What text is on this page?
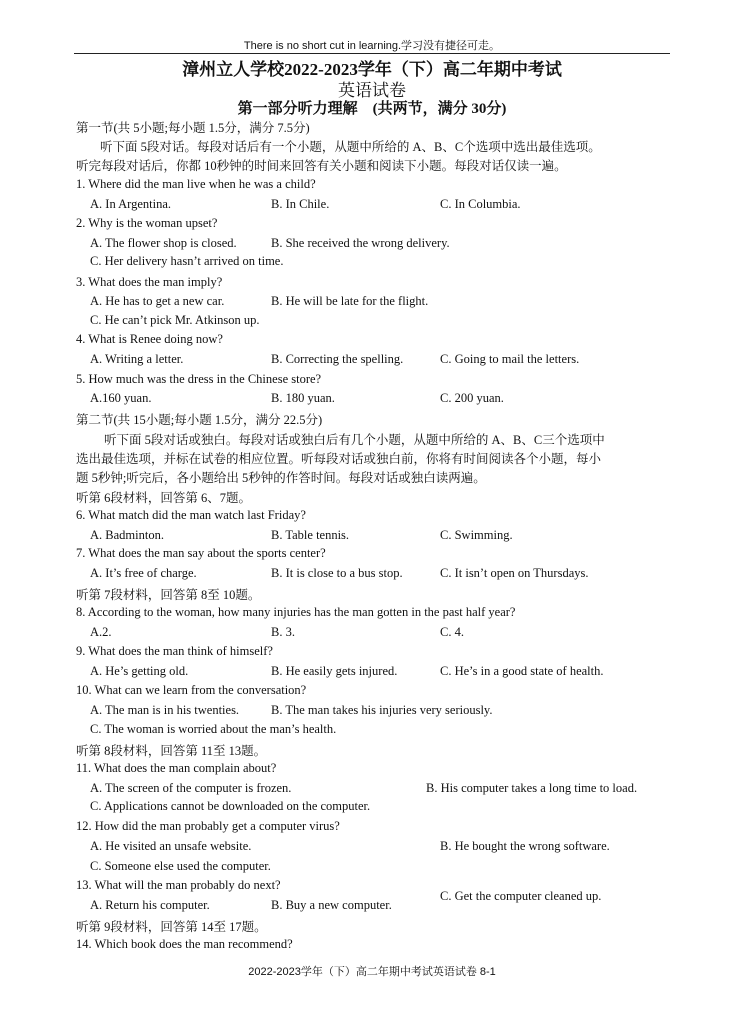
There is no short cut in learning.学习没有捷径可走。
漳州立人学校2022-2023学年（下）高二年期中考试
英语试卷
第一部分听力理解　(共两节，满分 30分)
第一节(共 5小题;每小题 1.5分，满分 7.5分)
听下面 5段对话。每段对话后有一个小题，从题中所给的 A、B、C个选项中选出最佳选项。
听完每段对话后，你都 10秒钟的时间来回答有关小题和阅读下小题。每段对话仅读一遍。
1. Where did the man live when he was a child?
A. In Argentina.	B. In Chile.	C. In Columbia.
2. Why is the woman upset?
A. The flower shop is closed.	B. She received the wrong delivery.
C. Her delivery hasn’t arrived on time.
3. What does the man imply?
A. He has to get a new car.	B. He will be late for the flight.
C. He can’t pick Mr. Atkinson up.
4. What is Renee doing now?
A. Writing a letter.	B. Correcting the spelling.	C. Going to mail the letters.
5. How much was the dress in the Chinese store?
A.160 yuan.	B. 180 yuan.	C. 200 yuan.
第二节(共 15小题;每小题 1.5分，满分 22.5分)
听下面 5段对话或独白。每段对话或独白后有几个小题，从题中所给的 A、B、C三个选项中
选出最佳选项，并标在试卷的相应位置。听每段对话或独白前，你将有时间阅读各个小题，每小
题 5秒钟;听完后，各小题给出 5秒钟的作答时间。每段对话或独白读两遍。
听第 6段材料，回答第 6、7题。
6. What match did the man watch last Friday?
A. Badminton.	B. Table tennis.	C. Swimming.
7. What does the man say about the sports center?
A. It’s free of charge.	B. It is close to a bus stop.	C. It isn’t open on Thursdays.
听第 7段材料，回答第 8至 10题。
8. According to the woman, how many injuries has the man gotten in the past half year?
A.2.	B. 3.	C. 4.
9. What does the man think of himself?
A. He’s getting old.	B. He easily gets injured.	C. He’s in a good state of health.
10. What can we learn from the conversation?
A. The man is in his twenties.	B. The man takes his injuries very seriously.
C. The woman is worried about the man’s health.
听第 8段材料，回答第 11至 13题。
11. What does the man complain about?
A. The screen of the computer is frozen.	B. His computer takes a long time to load.
C. Applications cannot be downloaded on the computer.
12. How did the man probably get a computer virus?
A. He visited an unsafe website.	B. He bought the wrong software.
C. Someone else used the computer.
13. What will the man probably do next?
A. Return his computer.	B. Buy a new computer.
C. Get the computer cleaned up.
听第 9段材料，回答第 14至 17题。
14. Which book does the man recommend?
2022-2023学年（下）高二年期中考试英语试卷 8-1
